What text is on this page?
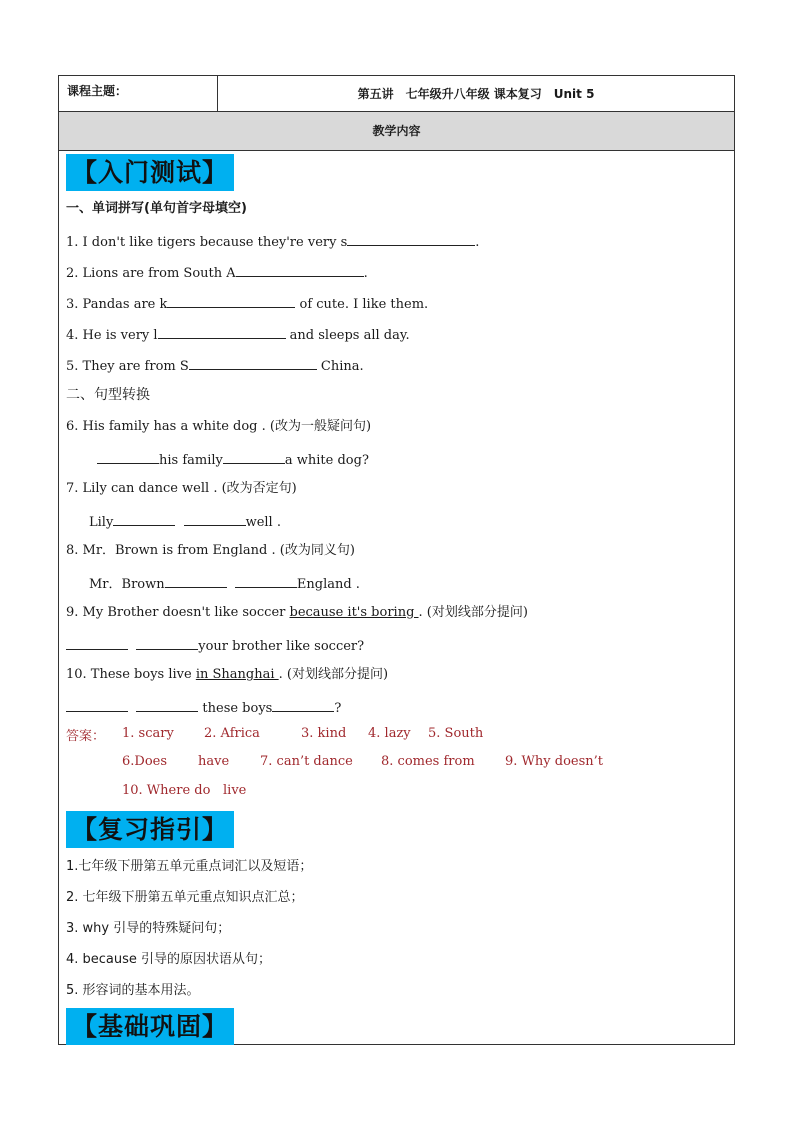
课程主题：	第五讲　七年级升八年级 课本复习　Unit 5
教学内容
【入门测试】
一、单词拼写(单句首字母填空)
1. I don't like tigers because they're very s	.
2. Lions are from South A	.
3. Pandas are k	of cute. I like them.
4. He is very l	and sleeps all day.
5. They are from S	China.
二、句型转换
6. His family has a white dog . (改为一般疑问句)
his family	a white dog?
7. Lily can dance well . (改为否定句)
Lily	well .
8. Mr．Brown is from England . (改为同义句)
Mr．Brown	England .
9. My Brother doesn't like soccer because it's boring . (对划线部分提问)
your brother like soccer?
10. These boys live in Shanghai . (对划线部分提问)
these boys	?
答案： 1. scary 2. Africa	3. kind 4. lazy 5. South
6.Does have 7. can’t dance 8. comes from 9. Why doesn’t
10. Where do live
【复习指引】
1.七年级下册第五单元重点词汇以及短语；
2. 七年级下册第五单元重点知识点汇总；
3. why 引导的特殊疑问句；
4. because 引导的原因状语从句；
5. 形容词的基本用法。
【基础巩固】
